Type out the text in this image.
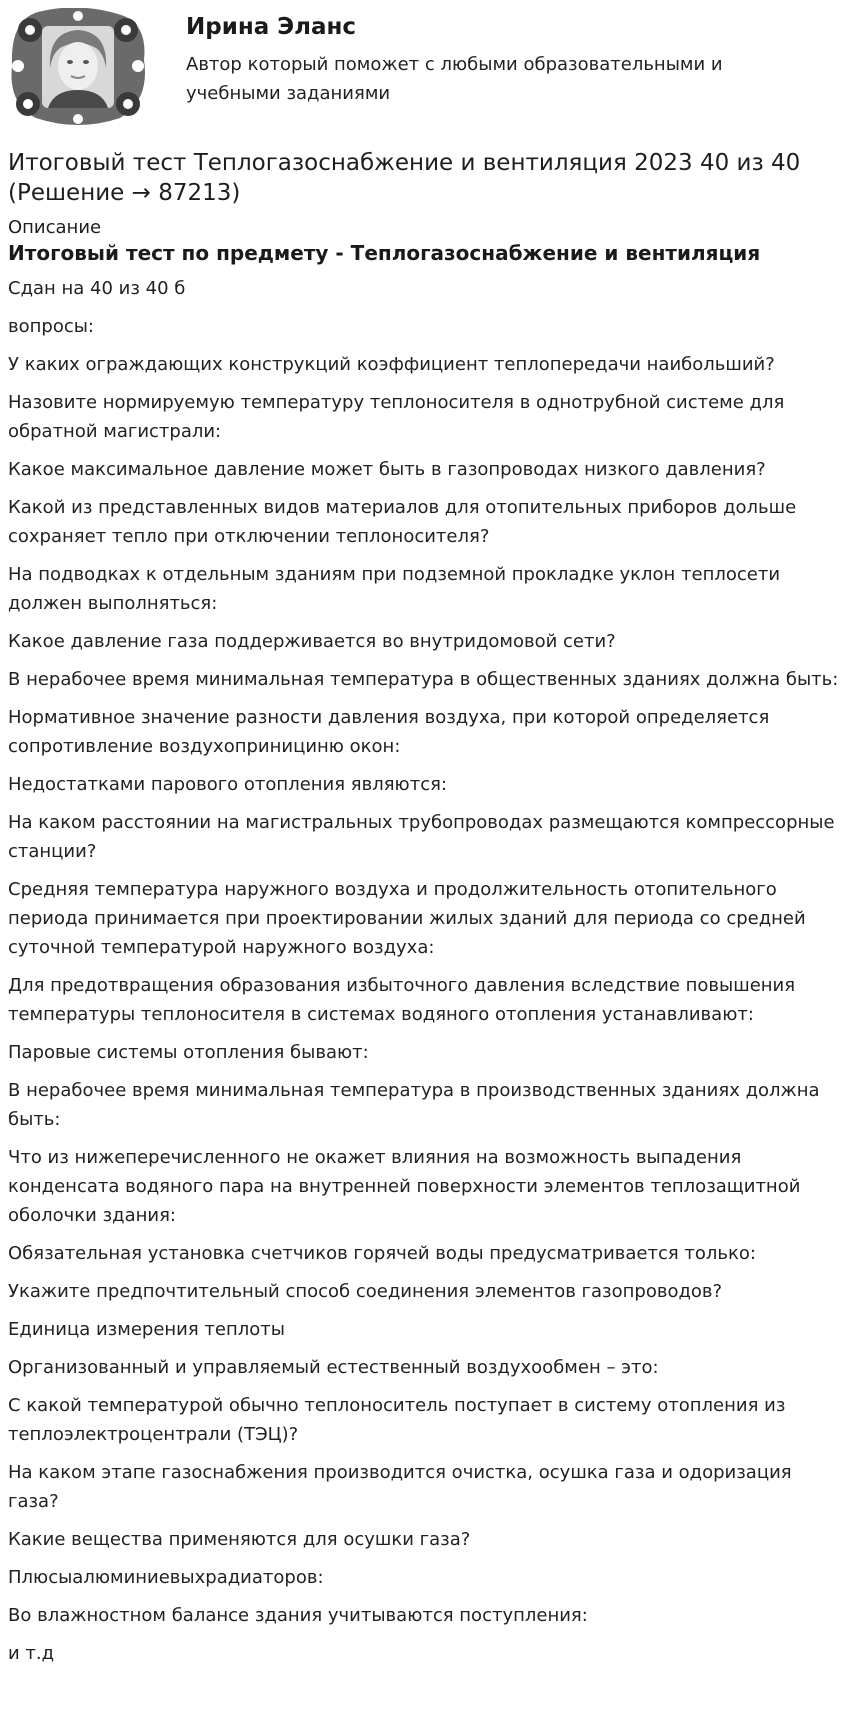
Ирина Эланс

Автор который поможет с любыми образовательными и учебными заданиями

Итоговый тест Теплогазоснабжение и вентиляция 2023 40 из 40 (Решение → 87213)

Описание

Итоговый тест по предмету - Теплогазоснабжение и вентиляция

Сдан на 40 из 40 б

вопросы:

У каких ограждающих конструкций коэффициент теплопередачи наибольший?

Назовите нормируемую температуру теплоносителя в однотрубной системе для обратной магистрали:

Какое максимальное давление может быть в газопроводах низкого давления?

Какой из представленных видов материалов для отопительных приборов дольше сохраняет тепло при отключении теплоносителя?

На подводках к отдельным зданиям при подземной прокладке уклон теплосети должен выполняться:

Какое давление газа поддерживается во внутридомовой сети?

В нерабочее время минимальная температура в общественных зданиях должна быть:

Нормативное значение разности давления воздуха, при которой определяется сопротивление воздухопринициню окон:

Недостатками парового отопления являются:

На каком расстоянии на магистральных трубопроводах размещаются компрессорные станции?

Средняя температура наружного воздуха и продолжительность отопительного периода принимается при проектировании жилых зданий для периода со средней суточной температурой наружного воздуха:

Для предотвращения образования избыточного давления вследствие повышения температуры теплоносителя в системах водяного отопления устанавливают:

Паровые системы отопления бывают:

В нерабочее время минимальная температура в производственных зданиях должна быть:

Что из нижеперечисленного не окажет влияния на возможность выпадения конденсата водяного пара на внутренней поверхности элементов теплозащитной оболочки здания:

Обязательная установка счетчиков горячей воды предусматривается только:

Укажите предпочтительный способ соединения элементов газопроводов?

Единица измерения теплоты

Организованный и управляемый естественный воздухообмен – это:

С какой температурой обычно теплоноситель поступает в систему отопления из теплоэлектроцентрали (ТЭЦ)?

На каком этапе газоснабжения производится очистка, осушка газа и одоризация газа?

Какие вещества применяются для осушки газа?

Плюсыалюминиевыхрадиаторов:

Во влажностном балансе здания учитываются поступления:

и т.д
